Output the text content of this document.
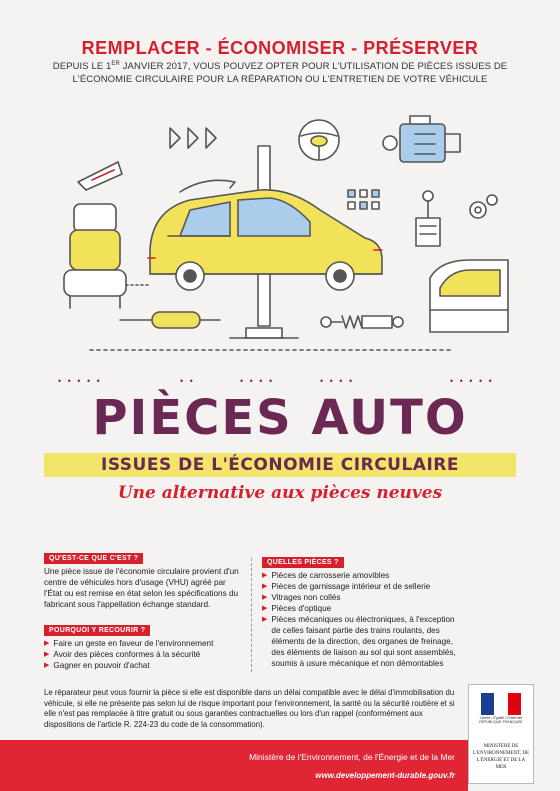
REMPLACER - ÉCONOMISER - PRÉSERVER
DEPUIS LE 1ER JANVIER 2017, VOUS POUVEZ OPTER POUR L'UTILISATION DE PIÈCES ISSUES DE
L'ÉCONOMIE CIRCULAIRE POUR LA RÉPARATION OU L'ENTRETIEN DE VOTRE VÉHICULE
• • • • •	• •	• • • •	• • • •	• • • • •
PIÈCES AUTO
ISSUES DE L'ÉCONOMIE CIRCULAIRE
Une alternative aux pièces neuves
QU'EST-CE QUE C'EST ?
Une pièce issue de l'économie circulaire provient d'un centre de véhicules hors d'usage (VHU) agréé par l'État ou est remise en état selon les spécifications du fabricant sous l'appellation échange standard.
POURQUOI Y RECOURIR ?
▶ Faire un geste en faveur de l'environnement
▶ Avoir des pièces conformes à la sécurité
▶ Gagner en pouvoir d'achat
QUELLES PIÈCES ?
▶ Pièces de carrosserie amovibles
▶ Pièces de garnissage intérieur et de sellerie
▶ Vitrages non collés
▶ Pièces d'optique
▶ Pièces mécaniques ou électroniques, à l'exception de celles faisant partie des trains roulants, des éléments de la direction, des organes de freinage, des éléments de liaison au sol qui sont assemblés, soumis à usure mécanique et non démontables
Le réparateur peut vous fournir la pièce si elle est disponible dans un délai compatible avec le délai d'immobilisation du véhicule, si elle ne présente pas selon lui de risque important pour l'environnement, la santé ou la sécurité routière et si elle n'est pas remplacée à titre gratuit ou sous garanties contractuelles ou lors d'un rappel (conformément aux dispositions de l'article R. 224-23 du code de la consommation).
Ministère de l'Environnement, de l'Énergie et de la Mer
www.developpement-durable.gouv.fr
Liberté • Égalité • Fraternité
RÉPUBLIQUE FRANÇAISE
MINISTÈRE DE L'ENVIRONNEMENT, DE L'ÉNERGIE ET DE LA MER
